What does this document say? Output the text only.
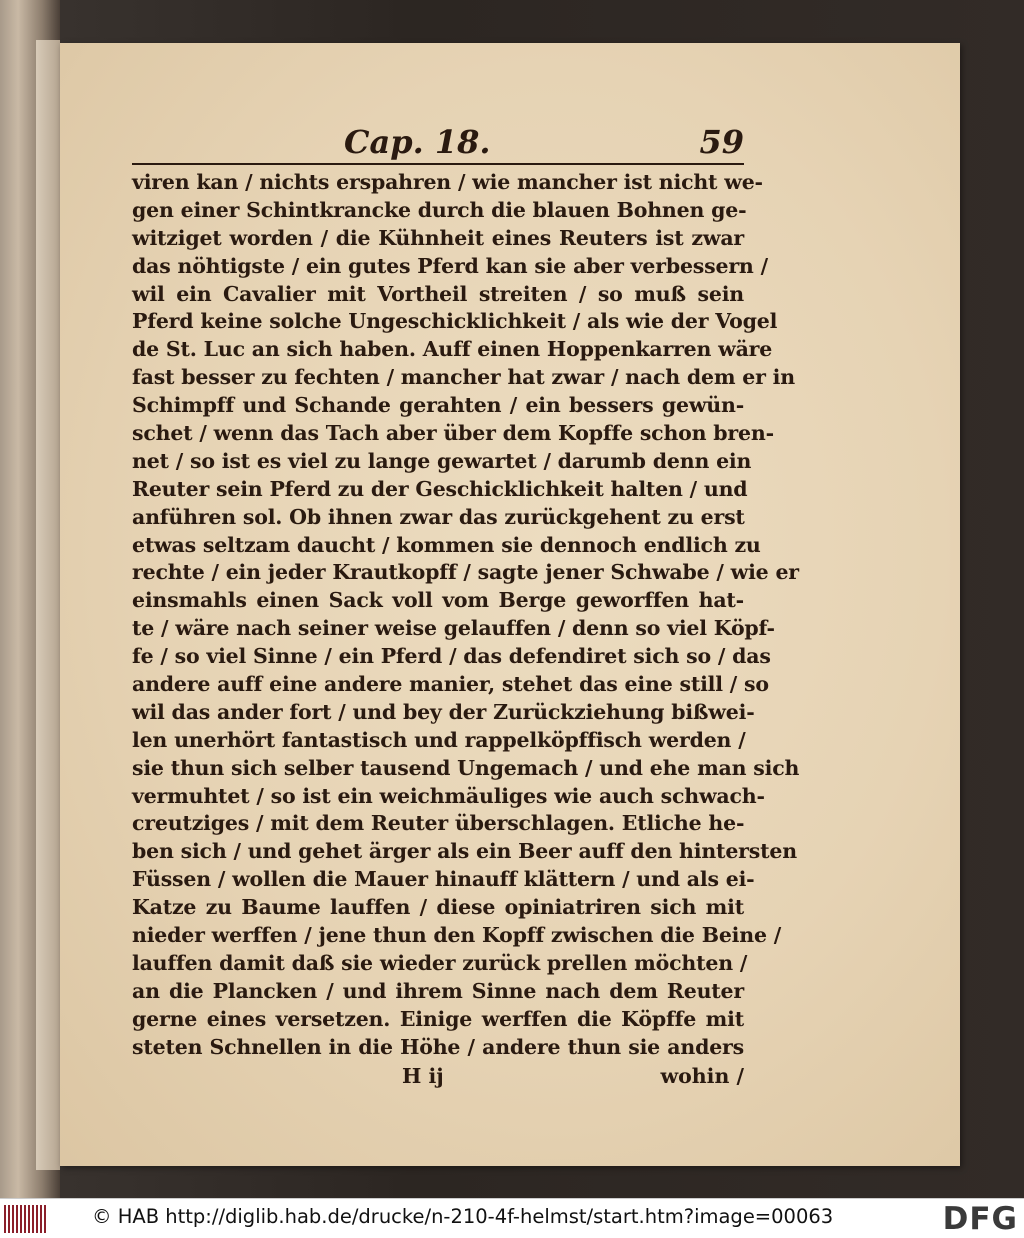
Cap. 18.	59
viren kan / nichts erspahren / wie mancher ist nicht we-
gen einer Schintkrancke durch die blauen Bohnen ge-
witziget worden / die Kühnheit eines Reuters ist zwar
das nöhtigste / ein gutes Pferd kan sie aber verbessern /
wil ein Cavalier mit Vortheil streiten / so muß sein
Pferd keine solche Ungeschicklichkeit / als wie der Vogel
de St. Luc an sich haben. Auff einen Hoppenkarren wäre
fast besser zu fechten / mancher hat zwar / nach dem er in
Schimpff und Schande gerahten / ein bessers gewün-
schet / wenn das Tach aber über dem Kopffe schon bren-
net / so ist es viel zu lange gewartet / darumb denn ein
Reuter sein Pferd zu der Geschicklichkeit halten / und
anführen sol. Ob ihnen zwar das zurückgehent zu erst
etwas seltzam daucht / kommen sie dennoch endlich zu
rechte / ein jeder Krautkopff / sagte jener Schwabe / wie er
einsmahls einen Sack voll vom Berge geworffen hat-
te / wäre nach seiner weise gelauffen / denn so viel Köpf-
fe / so viel Sinne / ein Pferd / das defendiret sich so / das
andere auff eine andere manier, stehet das eine still / so
wil das ander fort / und bey der Zurückziehung bißwei-
len unerhört fantastisch und rappelköpffisch werden /
sie thun sich selber tausend Ungemach / und ehe man sich
vermuhtet / so ist ein weichmäuliges wie auch schwach-
creutziges / mit dem Reuter überschlagen. Etliche he-
ben sich / und gehet ärger als ein Beer auff den hintersten
Füssen / wollen die Mauer hinauff klättern / und als ei-
Katze zu Baume lauffen / diese opiniatriren sich mit
nieder werffen / jene thun den Kopff zwischen die Beine /
lauffen damit daß sie wieder zurück prellen möchten /
an die Plancken / und ihrem Sinne nach dem Reuter
gerne eines versetzen. Einige werffen die Köpffe mit
steten Schnellen in die Höhe / andere thun sie anders
H ij	wohin /
© HAB http://diglib.hab.de/drucke/n-210-4f-helmst/start.htm?image=00063	DFG
